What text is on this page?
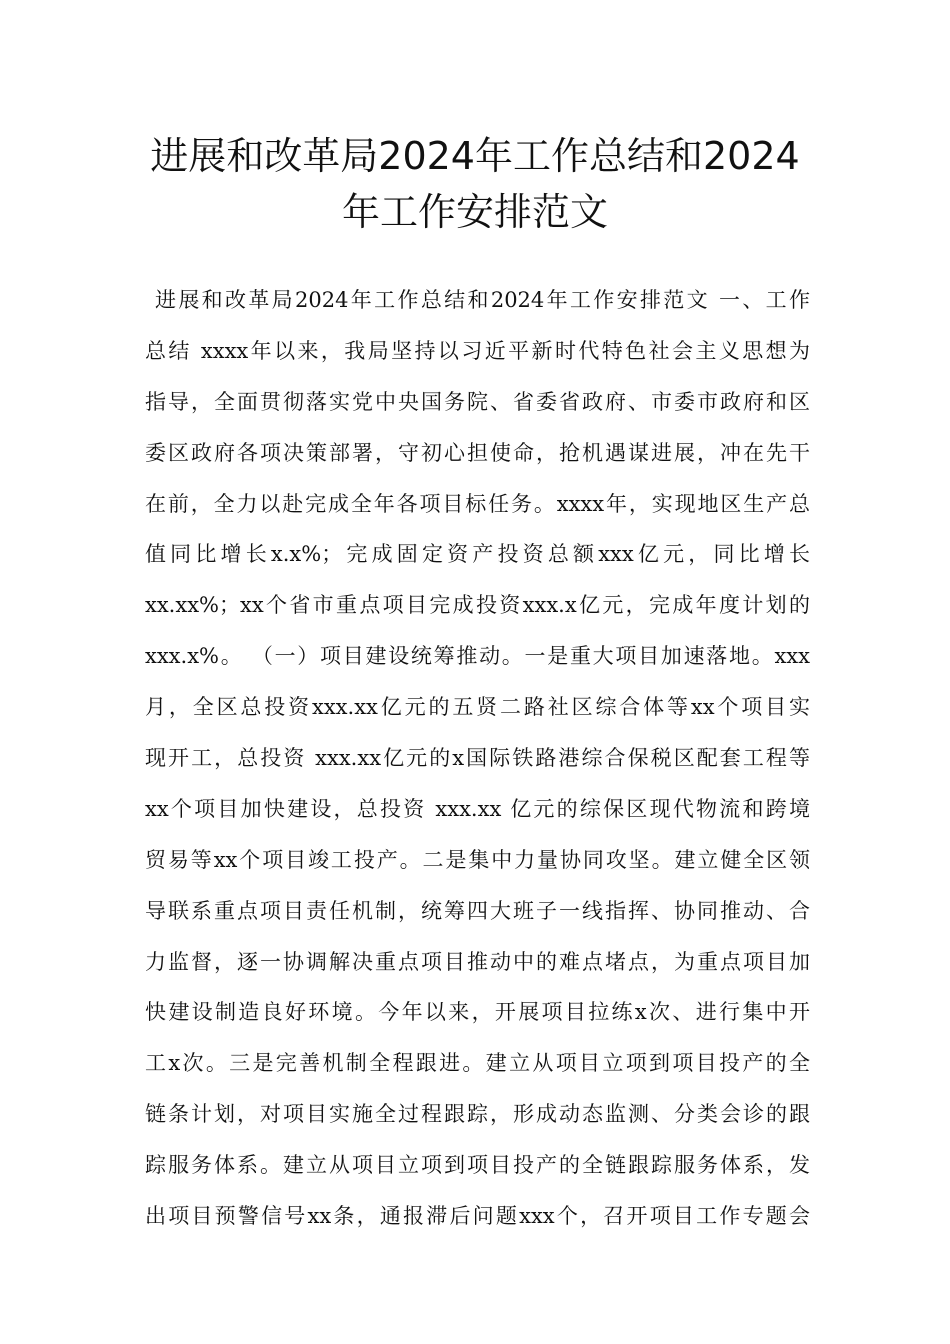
进展和改革局2024年工作总结和2024
年工作安排范文
进展和改革局2024年工作总结和2024年工作安排范文 一、工作
总结 xxxx年以来，我局坚持以习近平新时代特色社会主义思想为
指导，全面贯彻落实党中央国务院、省委省政府、市委市政府和区
委区政府各项决策部署，守初心担使命，抢机遇谋进展，冲在先干
在前，全力以赴完成全年各项目标任务。xxxx年，实现地区生产总
值同比增长x.x%；完成固定资产投资总额xxx亿元，同比增长
xx.xx%；xx个省市重点项目完成投资xxx.x亿元，完成年度计划的
xxx.x%。 （一）项目建设统筹推动。一是重大项目加速落地。xxx
月，全区总投资xxx.xx亿元的五贤二路社区综合体等xx个项目实
现开工，总投资 xxx.xx亿元的x国际铁路港综合保税区配套工程等
xx个项目加快建设，总投资 xxx.xx 亿元的综保区现代物流和跨境
贸易等xx个项目竣工投产。二是集中力量协同攻坚。建立健全区领
导联系重点项目责任机制，统筹四大班子一线指挥、协同推动、合
力监督，逐一协调解决重点项目推动中的难点堵点，为重点项目加
快建设制造良好环境。今年以来，开展项目拉练x次、进行集中开
工x次。三是完善机制全程跟进。建立从项目立项到项目投产的全
链条计划，对项目实施全过程跟踪，形成动态监测、分类会诊的跟
踪服务体系。建立从项目立项到项目投产的全链跟踪服务体系，发
出项目预警信号xx条，通报滞后问题xxx个，召开项目工作专题会
